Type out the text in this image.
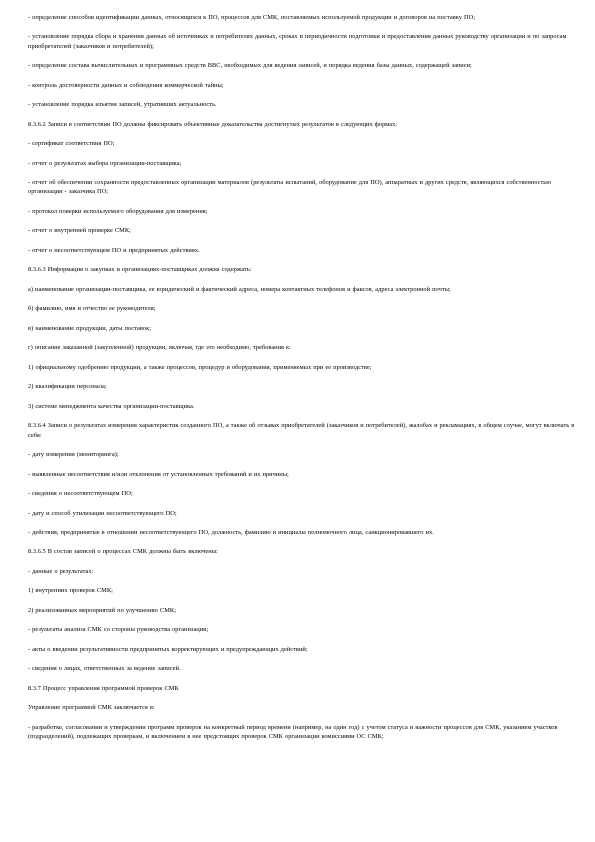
- определение способов идентификации данных, относящихся к ПО, процессов для СМК, поставляемых используемой продукции и договоров на поставку ПО;

- установление порядка сбора и хранения данных об источниках и потребителях данных, сроках и периодичности подготовки и предоставления данных руководству организации и по запросам приобретателей (заказчиков и потребителей);

- определение состава вычислительных и программных средств ВВС, необходимых для ведения записей, и порядка ведения базы данных, содержащей записи;

- контроль достоверности данных и соблюдения коммерческой тайны;

- установление порядка изъятия записей, утративших актуальность.

8.3.6.2 Записи в соответствии ПО должны фиксировать объективные доказательства достигнутых результатов в следующих формах:

- сертификат соответствия ПО;

- отчет о результатах выбора организации-поставщика;

- отчет об обеспечении сохранности предоставленных организации материалов (результаты испытаний, оборудование для ПО), аппаратных и других средств, являющихся собственностью организации - заказчика ПО;

- протокол поверки используемого оборудования для измерения;

- отчет о внутренней проверке СМК;

- отчет о несоответствующем ПО и предпринятых действиях.

8.3.6.3 Информация о закупках и организациях-поставщиках должна содержать:

а) наименование организации-поставщика, ее юридический и фактический адреса, номера контактных телефонов и факсов, адреса электронной почты;

б) фамилию, имя и отчество ее руководителя;

в) наименование продукции, даты поставок;

г) описание заказанной (закупленной) продукции, включая, где это необходимо, требования к:

1) официальному одобрению продукции, а также процессов, процедур и оборудования, применяемых при ее производстве;

2) квалификации персонала;

3) системе менеджмента качества организации-поставщика.

8.3.6.4 Записи о результатах измерения характеристик созданного ПО, а также об отзывах приобретателей (заказчиков и потребителей), жалобах и рекламациях, в общем случае, могут включать в себя:

- дату измерения (мониторинга);

- выявленные несоответствия и/или отклонения от установленных требований и их причины;

- сведения о несоответствующем ПО;

- дату и способ утилизации несоответствующего ПО;

- действия, предпринятые в отношении несоответствующего ПО, должность, фамилию и инициалы полномочного лица, санкционировавшего их.

8.3.6.5 В состав записей о процессах СМК должны быть включены:

- данные о результатах:

1) внутренних проверок СМК;

2) реализованных мероприятий по улучшению СМК;

- результаты анализа СМК со стороны руководства организации;

- акты о введении результативности предпринятых корректирующих и предупреждающих действий;

- сведения о лицах, ответственных за ведение записей.

8.3.7 Процесс управления программой проверок СМК

Управление программой СМК заключается в:

- разработке, согласовании и утверждении программ проверок на конкретный период времени (например, на один год) с учетом статуса и важности процессов для СМК, указанием участков (подразделений), подлежащих проверкам, и включением в нее предстоящих проверок СМК организации комиссиями ОС СМК;
